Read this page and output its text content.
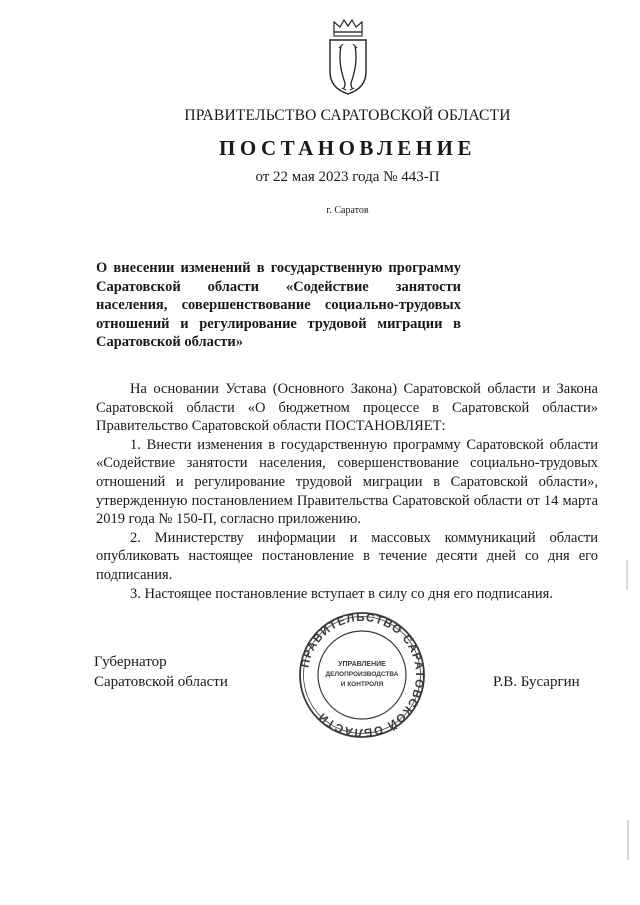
ПРАВИТЕЛЬСТВО САРАТОВСКОЙ ОБЛАСТИ
ПОСТАНОВЛЕНИЕ
от 22 мая 2023 года № 443-П
г. Саратов
О внесении изменений в государственную программу Саратовской области «Содействие занятости населения, совершенствование социально-трудовых отношений и регулирование трудовой миграции в Саратовской области»

На основании Устава (Основного Закона) Саратовской области и Закона Саратовской области «О бюджетном процессе в Саратовской области» Правительство Саратовской области ПОСТАНОВЛЯЕТ:

1. Внести изменения в государственную программу Саратовской области «Содействие занятости населения, совершенствование социально-трудовых отношений и регулирование трудовой миграции в Саратовской области», утвержденную постановлением Правительства Саратовской области от 14 марта 2019 года № 150-П, согласно приложению.

2. Министерству информации и массовых коммуникаций области опубликовать настоящее постановление в течение десяти дней со дня его подписания.

3. Настоящее постановление вступает в силу со дня его подписания.

Губернатор
Саратовской области
ПРАВИТЕЛЬСТВО САРАТОВСКОЙ ОБЛАСТИ
УПРАВЛЕНИЕ
ДЕЛОПРОИЗВОДСТВА
И КОНТРОЛЯ	Р.В. Бусаргин
